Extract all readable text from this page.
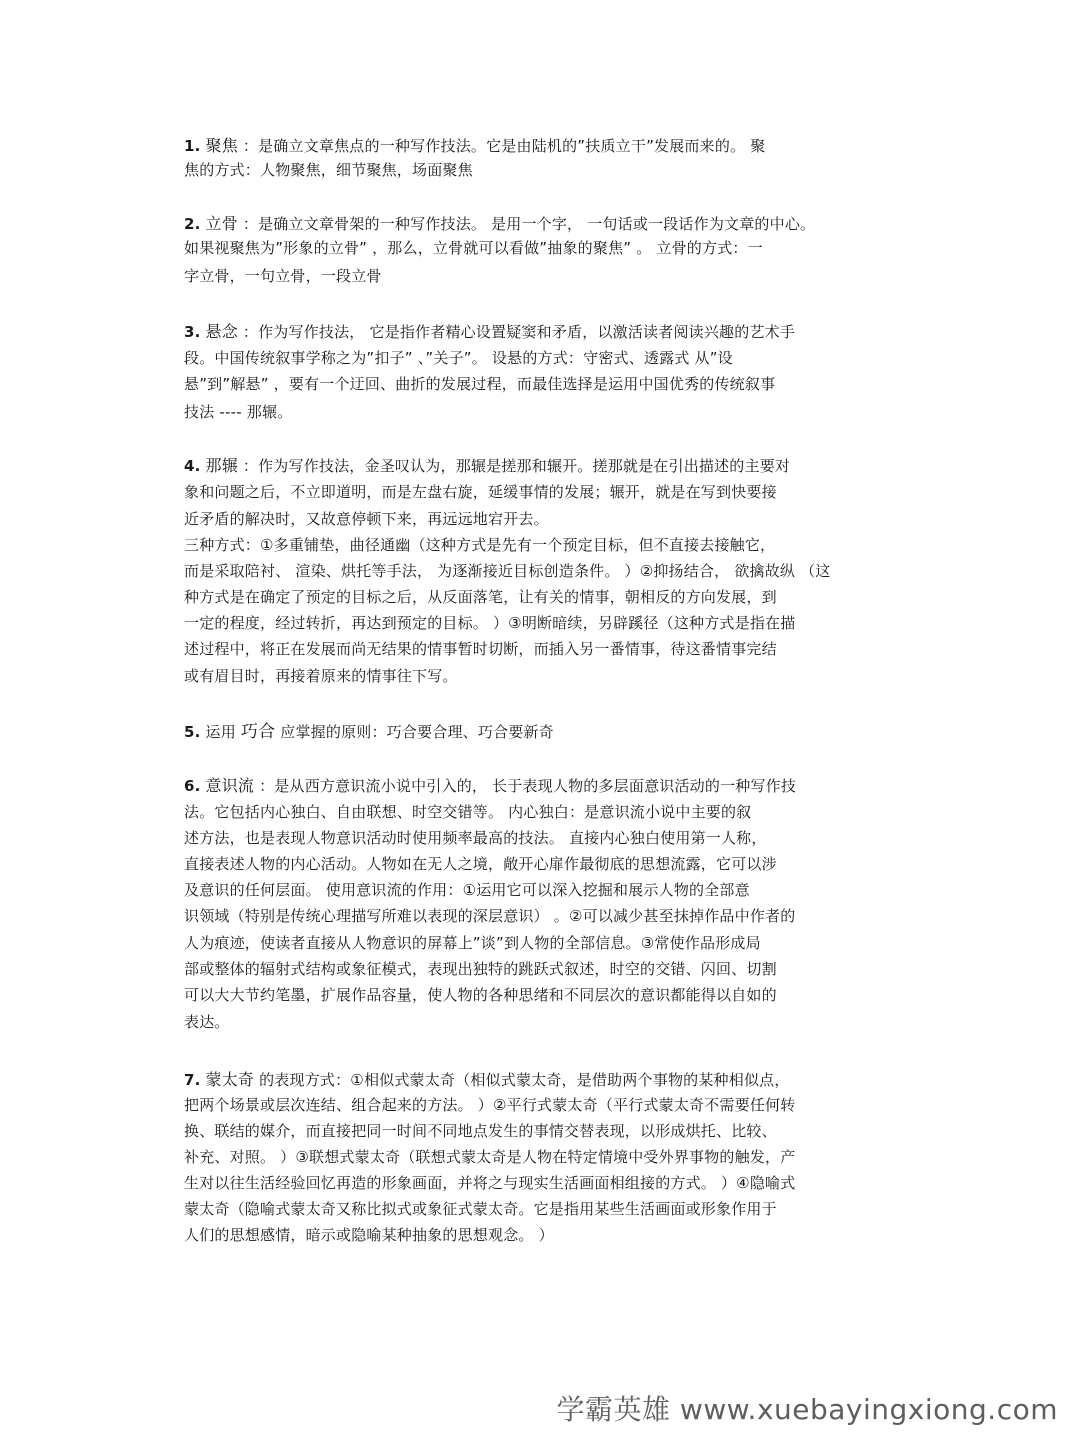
1. 聚焦 ：是确立文章焦点的一种写作技法。它是由陆机的”扶质立干”发展而来的。 聚
焦的方式：人物聚焦，细节聚焦，场面聚焦
2. 立骨 ：是确立文章骨架的一种写作技法。 是用一个字， 一句话或一段话作为文章的中心。
如果视聚焦为”形象的立骨” ，那么，立骨就可以看做”抽象的聚焦” 。 立骨的方式：一
字立骨，一句立骨，一段立骨
3. 悬念 ：作为写作技法， 它是指作者精心设置疑窦和矛盾，以激活读者阅读兴趣的艺术手
段。中国传统叙事学称之为”扣子” 、”关子”。 设悬的方式：守密式、透露式 从”设
悬”到”解悬” ，要有一个迂回、曲折的发展过程，而最佳选择是运用中国优秀的传统叙事
技法 ---- 那辗。
4. 那辗 ：作为写作技法，金圣叹认为，那辗是搓那和辗开。搓那就是在引出描述的主要对
象和问题之后，不立即道明，而是左盘右旋，延缓事情的发展；辗开，就是在写到快要接
近矛盾的解决时，又故意停顿下来，再远远地宕开去。
三种方式：①多重铺垫，曲径通幽（这种方式是先有一个预定目标，但不直接去接触它，
而是采取陪衬、 渲染、烘托等手法， 为逐渐接近目标创造条件。 ）②抑扬结合， 欲擒故纵 （这
种方式是在确定了预定的目标之后，从反面落笔，让有关的情事，朝相反的方向发展，到
一定的程度，经过转折，再达到预定的目标。 ）③明断暗续，另辟蹊径（这种方式是指在描
述过程中，将正在发展而尚无结果的情事暂时切断，而插入另一番情事，待这番情事完结
或有眉目时，再接着原来的情事往下写。
5. 运用 巧合 应掌握的原则：巧合要合理、巧合要新奇
6. 意识流 ：是从西方意识流小说中引入的， 长于表现人物的多层面意识活动的一种写作技
法。它包括内心独白、自由联想、时空交错等。 内心独白：是意识流小说中主要的叙
述方法，也是表现人物意识活动时使用频率最高的技法。 直接内心独白使用第一人称，
直接表述人物的内心活动。人物如在无人之境，敞开心扉作最彻底的思想流露，它可以涉
及意识的任何层面。 使用意识流的作用：①运用它可以深入挖掘和展示人物的全部意
识领域（特别是传统心理描写所难以表现的深层意识） 。②可以减少甚至抹掉作品中作者的
人为痕迹，使读者直接从人物意识的屏幕上”谈”到人物的全部信息。③常使作品形成局
部或整体的辐射式结构或象征模式，表现出独特的跳跃式叙述，时空的交错、闪回、切割
可以大大节约笔墨，扩展作品容量，使人物的各种思绪和不同层次的意识都能得以自如的
表达。
7. 蒙太奇 的表现方式：①相似式蒙太奇（相似式蒙太奇，是借助两个事物的某种相似点，
把两个场景或层次连结、组合起来的方法。 ）②平行式蒙太奇（平行式蒙太奇不需要任何转
换、联结的媒介，而直接把同一时间不同地点发生的事情交替表现，以形成烘托、比较、
补充、对照。 ）③联想式蒙太奇（联想式蒙太奇是人物在特定情境中受外界事物的触发，产
生对以往生活经验回忆再造的形象画面，并将之与现实生活画面相组接的方式。 ）④隐喻式
蒙太奇（隐喻式蒙太奇又称比拟式或象征式蒙太奇。它是指用某些生活画面或形象作用于
人们的思想感情，暗示或隐喻某种抽象的思想观念。 ）
学霸英雄 www.xuebayingxiong.com
